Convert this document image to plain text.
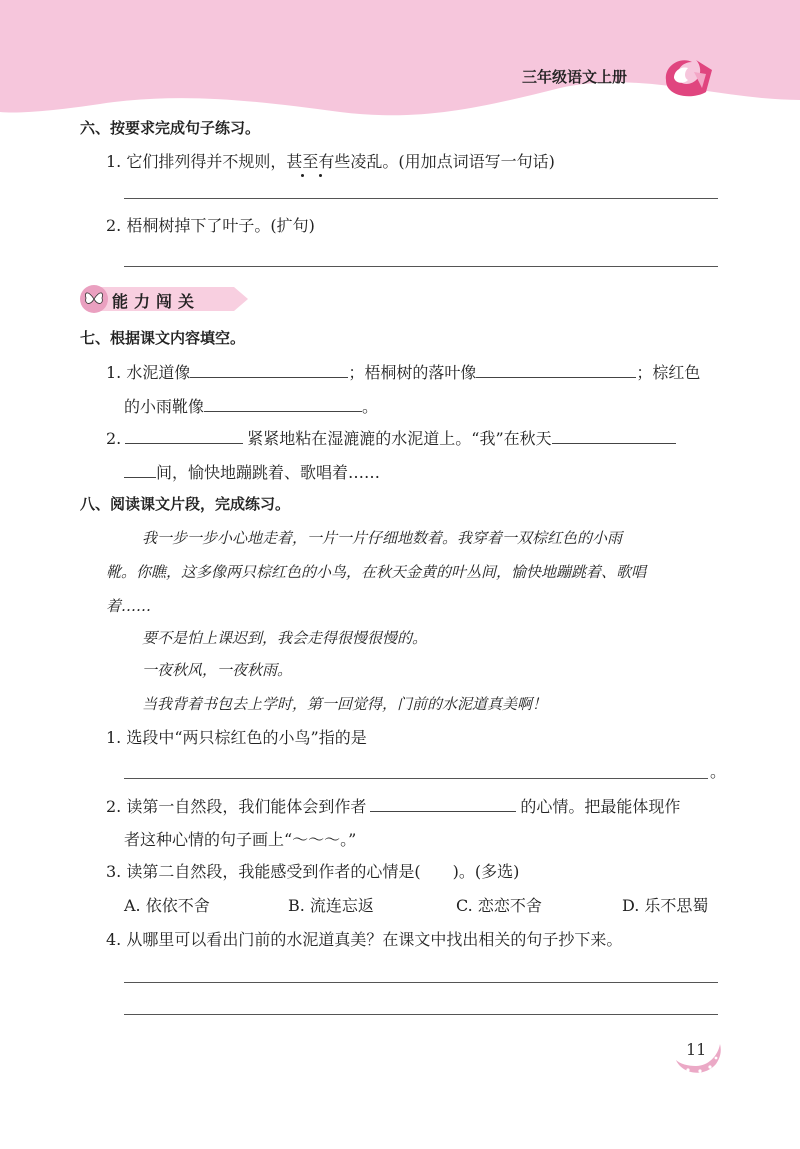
三年级语文上册
六、按要求完成句子练习。
1. 它们排列得并不规则，甚至有些凌乱。(用加点词语写一句话)
2. 梧桐树掉下了叶子。(扩句)
能力闯关
七、根据课文内容填空。
1. 水泥道像	；梧桐树的落叶像	；棕红色
的小雨靴像	。
2.	紧紧地粘在湿漉漉的水泥道上。“我”在秋天
间，愉快地蹦跳着、歌唱着……
八、阅读课文片段，完成练习。
我一步一步小心地走着，一片一片仔细地数着。我穿着一双棕红色的小雨
靴。你瞧，这多像两只棕红色的小鸟，在秋天金黄的叶丛间，愉快地蹦跳着、歌唱
着……
要不是怕上课迟到，我会走得很慢很慢的。
一夜秋风，一夜秋雨。
当我背着书包去上学时，第一回觉得，门前的水泥道真美啊！
1. 选段中“两只棕红色的小鸟”指的是
。
2. 读第一自然段，我们能体会到作者	的心情。把最能体现作
者这种心情的句子画上“～～～。”
3. 读第二自然段，我能感受到作者的心情是(　　)。(多选)
A. 依依不舍	B. 流连忘返	C. 恋恋不舍	D. 乐不思蜀
4. 从哪里可以看出门前的水泥道真美？在课文中找出相关的句子抄下来。
11
